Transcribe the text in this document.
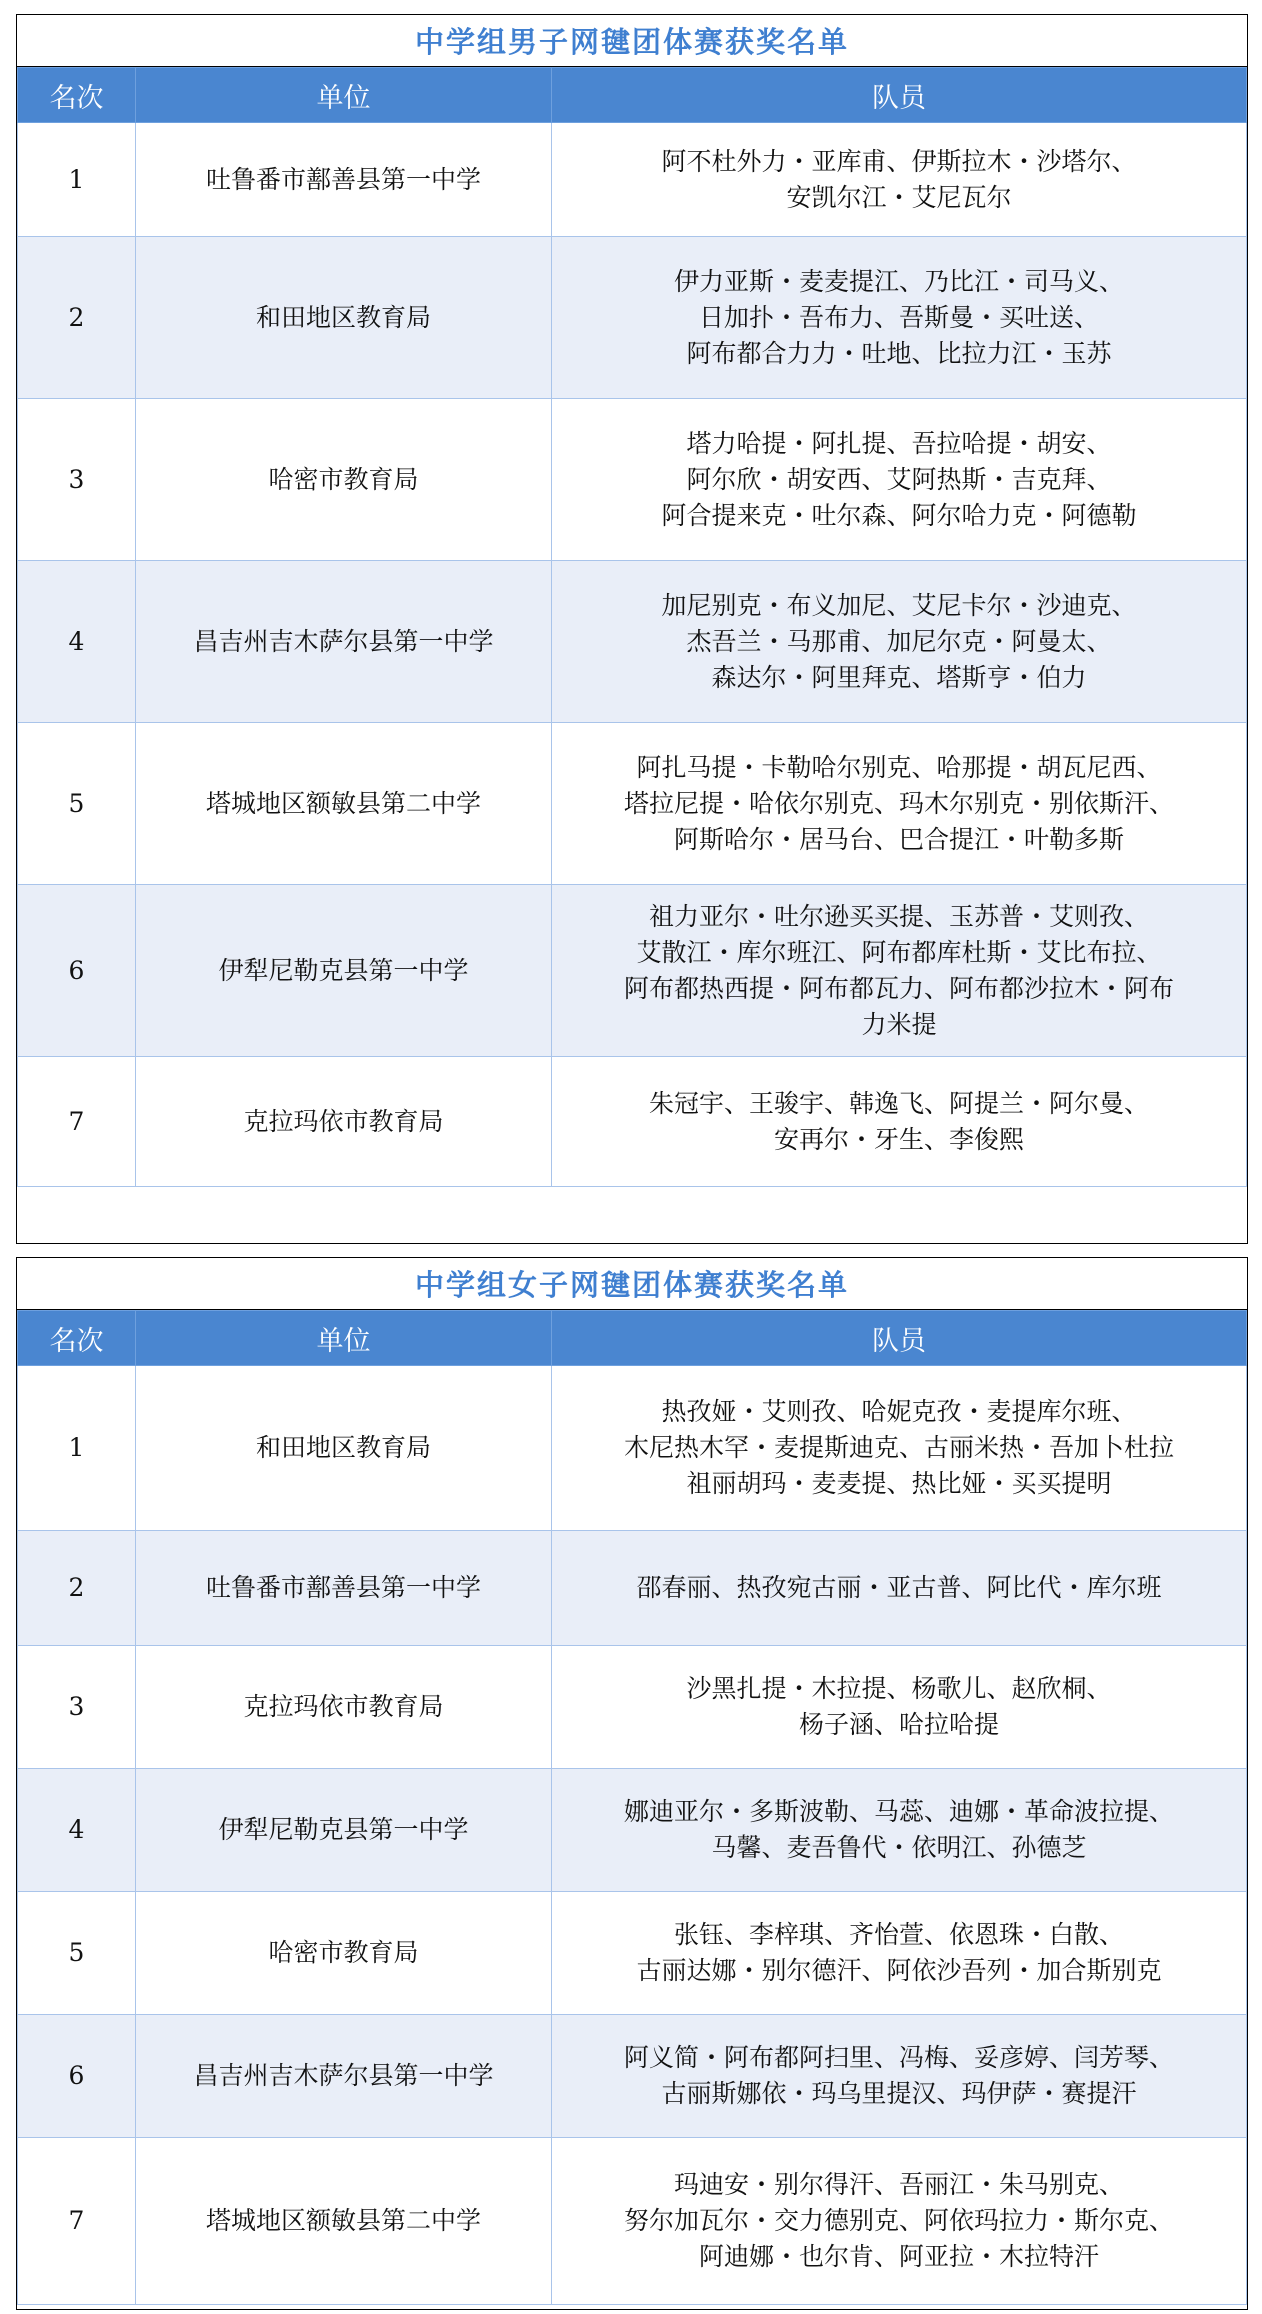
中学组男子网毽团体赛获奖名单
名次	单位	队员
1	吐鲁番市鄯善县第一中学	阿不杜外力・亚库甫、伊斯拉木・沙塔尔、
安凯尔江・艾尼瓦尔

2	和田地区教育局	伊力亚斯・麦麦提江、乃比江・司马义、
日加扑・吾布力、吾斯曼・买吐送、
阿布都合力力・吐地、比拉力江・玉苏

3	哈密市教育局	塔力哈提・阿扎提、吾拉哈提・胡安、
阿尔欣・胡安西、艾阿热斯・吉克拜、
阿合提来克・吐尔森、阿尔哈力克・阿德勒

4	昌吉州吉木萨尔县第一中学	加尼别克・布义加尼、艾尼卡尔・沙迪克、
杰吾兰・马那甫、加尼尔克・阿曼太、
森达尔・阿里拜克、塔斯亨・伯力

5	塔城地区额敏县第二中学	阿扎马提・卡勒哈尔别克、哈那提・胡瓦尼西、
塔拉尼提・哈依尔别克、玛木尔别克・别依斯汗、
阿斯哈尔・居马台、巴合提江・叶勒多斯

6	伊犁尼勒克县第一中学	祖力亚尔・吐尔逊买买提、玉苏普・艾则孜、
艾散江・库尔班江、阿布都库杜斯・艾比布拉、
阿布都热西提・阿布都瓦力、阿布都沙拉木・阿布
力米提

7	克拉玛依市教育局	朱冠宇、王骏宇、韩逸飞、阿提兰・阿尔曼、
安再尔・牙生、李俊熙
中学组女子网毽团体赛获奖名单
名次	单位	队员
1	和田地区教育局	热孜娅・艾则孜、哈妮克孜・麦提库尔班、
木尼热木罕・麦提斯迪克、古丽米热・吾加卜杜拉
祖丽胡玛・麦麦提、热比娅・买买提明

2	吐鲁番市鄯善县第一中学	邵春丽、热孜宛古丽・亚古普、阿比代・库尔班

3	克拉玛依市教育局	沙黑扎提・木拉提、杨歌儿、赵欣桐、
杨子涵、哈拉哈提

4	伊犁尼勒克县第一中学	娜迪亚尔・多斯波勒、马蕊、迪娜・革命波拉提、
马馨、麦吾鲁代・依明江、孙德芝

5	哈密市教育局	张钰、李梓琪、齐怡萱、依恩珠・白散、
古丽达娜・别尔德汗、阿依沙吾列・加合斯别克

6	昌吉州吉木萨尔县第一中学	阿义简・阿布都阿扫里、冯梅、妥彦婷、闫芳琴、
古丽斯娜依・玛乌里提汉、玛伊萨・赛提汗

7	塔城地区额敏县第二中学	玛迪安・别尔得汗、吾丽江・朱马别克、
努尔加瓦尔・交力德别克、阿依玛拉力・斯尔克、
阿迪娜・也尔肯、阿亚拉・木拉特汗
